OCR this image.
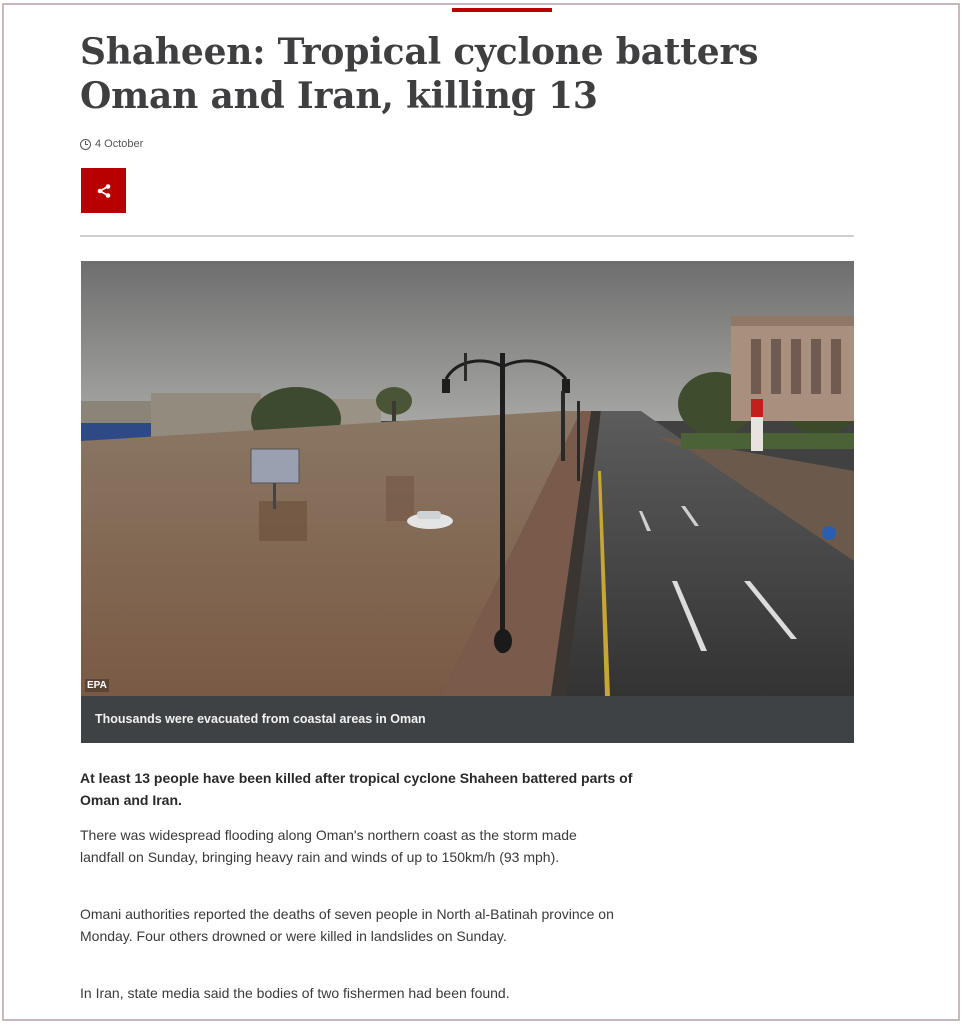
Shaheen: Tropical cyclone batters Oman and Iran, killing 13
4 October
EPA
Thousands were evacuated from coastal areas in Oman

At least 13 people have been killed after tropical cyclone Shaheen battered parts of Oman and Iran.

There was widespread flooding along Oman's northern coast as the storm made landfall on Sunday, bringing heavy rain and winds of up to 150km/h (93 mph).

Omani authorities reported the deaths of seven people in North al-Batinah province on Monday. Four others drowned or were killed in landslides on Sunday.

In Iran, state media said the bodies of two fishermen had been found.
